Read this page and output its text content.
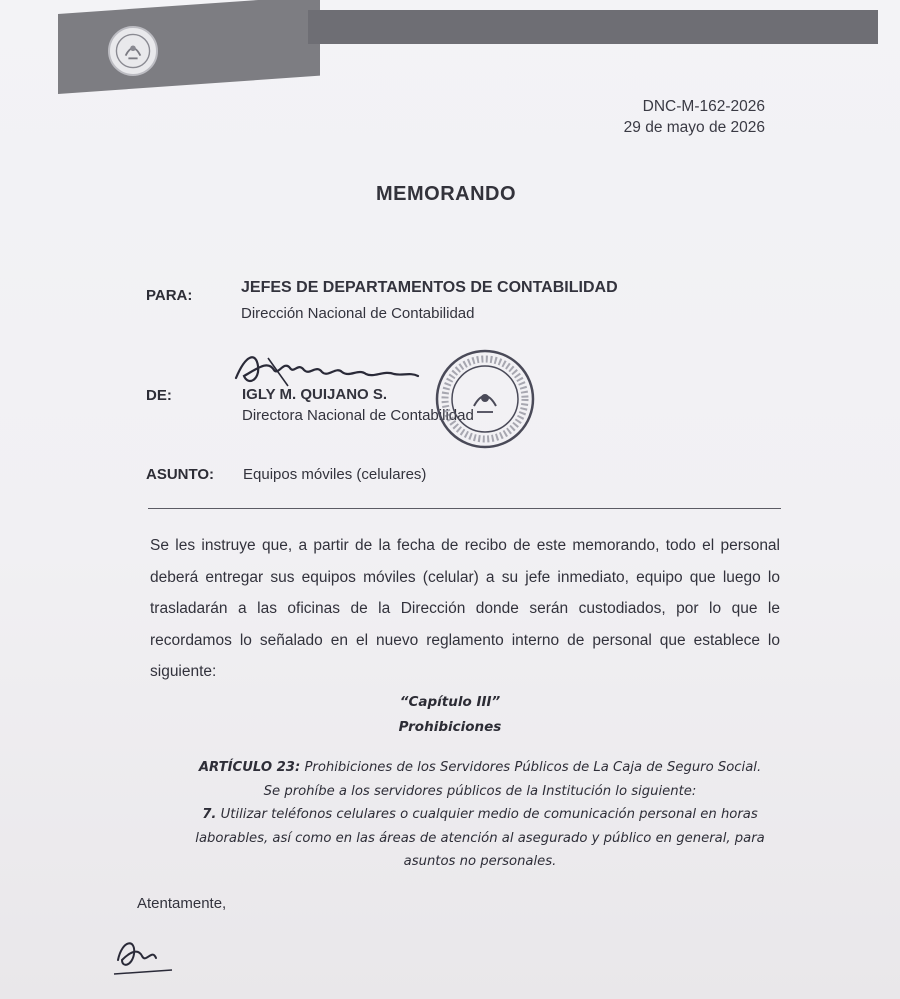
DNC-M-162-2026
29 de mayo de 2026
MEMORANDO
PARA:	JEFES DE DEPARTAMENTOS DE CONTABILIDAD
Dirección Nacional de Contabilidad
DE:	IGLY M. QUIJANO S.
Directora Nacional de Contabilidad
ASUNTO: Equipos móviles (celulares)
Se les instruye que, a partir de la fecha de recibo de este memorando, todo el personal deberá entregar sus equipos móviles (celular) a su jefe inmediato, equipo que luego lo trasladarán a las oficinas de la Dirección donde serán custodiados, por lo que le recordamos lo señalado en el nuevo reglamento interno de personal que establece lo siguiente:
“Capítulo III”
Prohibiciones
ARTÍCULO 23: Prohibiciones de los Servidores Públicos de La Caja de Seguro Social.
Se prohíbe a los servidores públicos de la Institución lo siguiente:
7. Utilizar teléfonos celulares o cualquier medio de comunicación personal en horas laborables, así como en las áreas de atención al asegurado y público en general, para asuntos no personales.
Atentamente,
